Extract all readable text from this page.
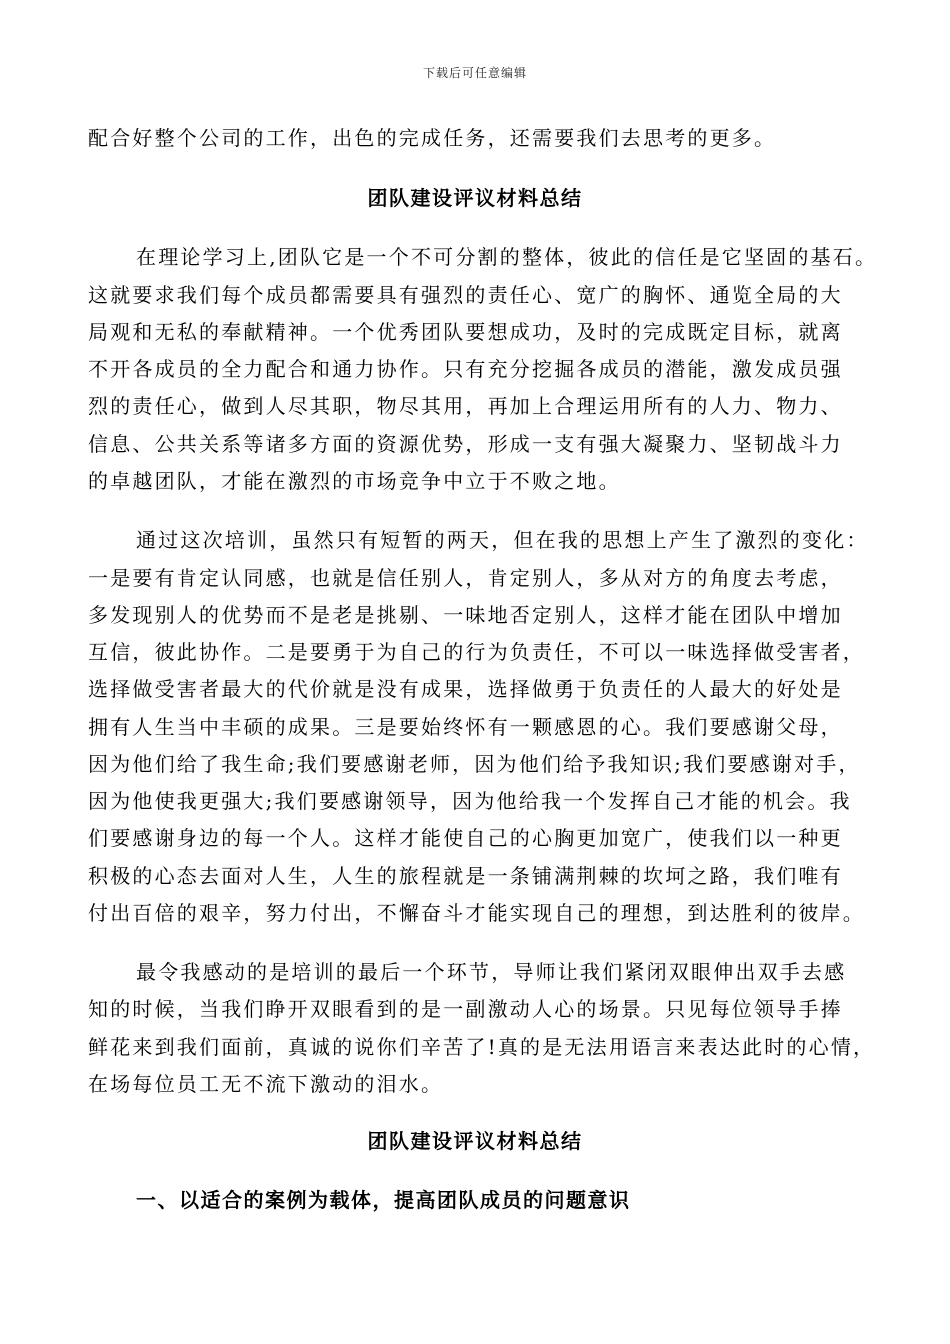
下载后可任意编辑
配合好整个公司的工作，出色的完成任务，还需要我们去思考的更多。
团队建设评议材料总结
在理论学习上,团队它是一个不可分割的整体，彼此的信任是它坚固的基石。
这就要求我们每个成员都需要具有强烈的责任心、宽广的胸怀、通览全局的大
局观和无私的奉献精神。一个优秀团队要想成功，及时的完成既定目标，就离
不开各成员的全力配合和通力协作。只有充分挖掘各成员的潜能，激发成员强
烈的责任心，做到人尽其职，物尽其用，再加上合理运用所有的人力、物力、
信息、公共关系等诸多方面的资源优势，形成一支有强大凝聚力、坚韧战斗力
的卓越团队，才能在激烈的市场竞争中立于不败之地。
通过这次培训，虽然只有短暂的两天，但在我的思想上产生了激烈的变化：
一是要有肯定认同感，也就是信任别人，肯定别人，多从对方的角度去考虑，
多发现别人的优势而不是老是挑剔、一味地否定别人，这样才能在团队中增加
互信，彼此协作。二是要勇于为自己的行为负责任，不可以一味选择做受害者，
选择做受害者最大的代价就是没有成果，选择做勇于负责任的人最大的好处是
拥有人生当中丰硕的成果。三是要始终怀有一颗感恩的心。我们要感谢父母，
因为他们给了我生命;我们要感谢老师，因为他们给予我知识;我们要感谢对手，
因为他使我更强大;我们要感谢领导，因为他给我一个发挥自己才能的机会。我
们要感谢身边的每一个人。这样才能使自己的心胸更加宽广，使我们以一种更
积极的心态去面对人生，人生的旅程就是一条铺满荆棘的坎坷之路，我们唯有
付出百倍的艰辛，努力付出，不懈奋斗才能实现自己的理想，到达胜利的彼岸。
最令我感动的是培训的最后一个环节，导师让我们紧闭双眼伸出双手去感
知的时候，当我们睁开双眼看到的是一副激动人心的场景。只见每位领导手捧
鲜花来到我们面前，真诚的说你们辛苦了!真的是无法用语言来表达此时的心情，
在场每位员工无不流下激动的泪水。
团队建设评议材料总结
一、以适合的案例为载体，提高团队成员的问题意识
